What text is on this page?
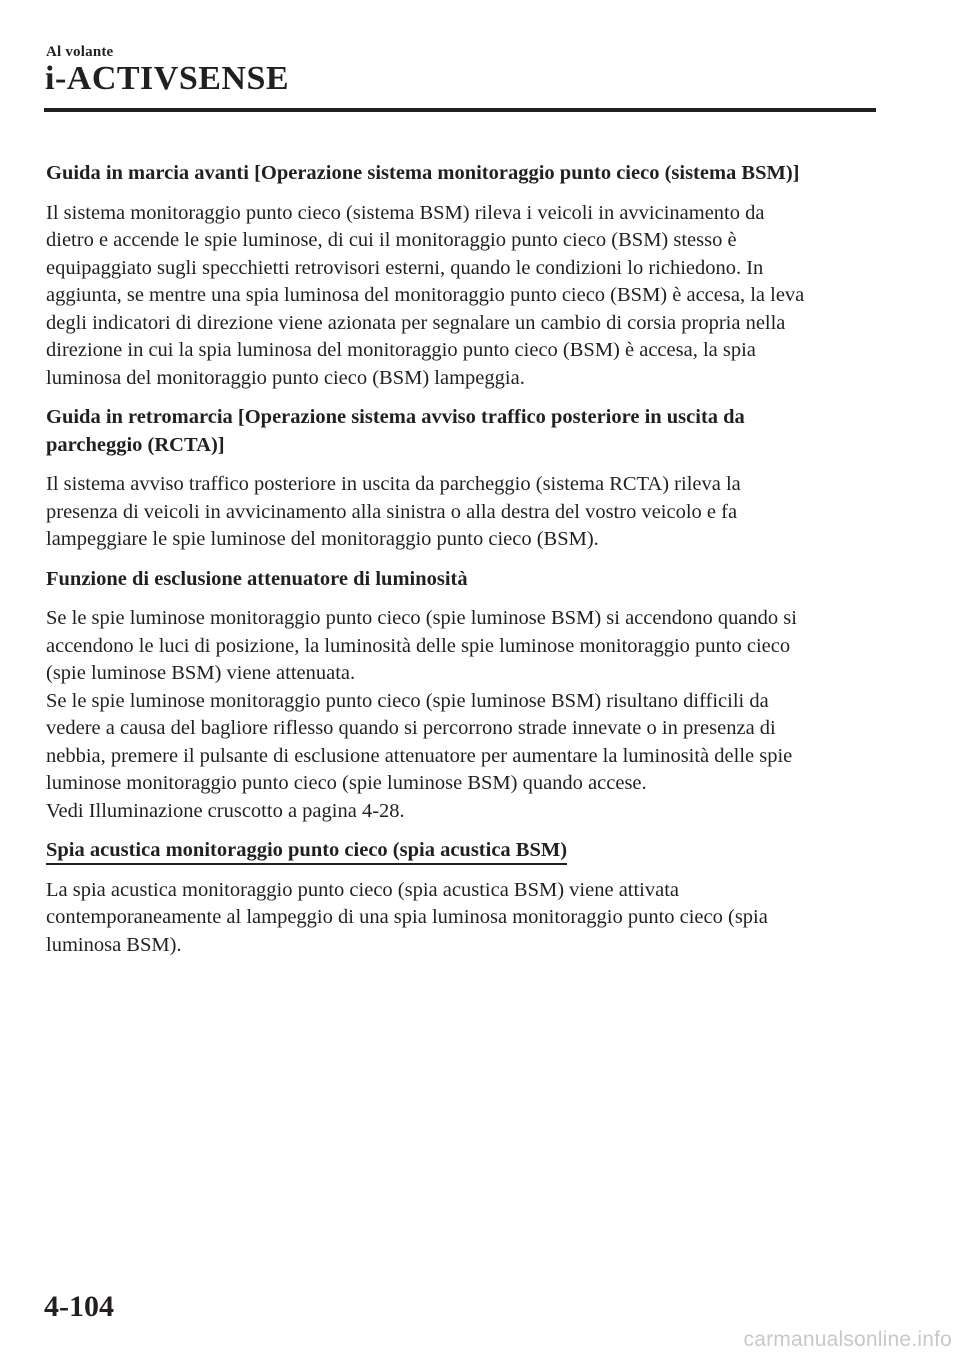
Al volante
i-ACTIVSENSE
Guida in marcia avanti [Operazione sistema monitoraggio punto cieco (sistema BSM)]

Il sistema monitoraggio punto cieco (sistema BSM) rileva i veicoli in avvicinamento da
dietro e accende le spie luminose, di cui il monitoraggio punto cieco (BSM) stesso è
equipaggiato sugli specchietti retrovisori esterni, quando le condizioni lo richiedono. In
aggiunta, se mentre una spia luminosa del monitoraggio punto cieco (BSM) è accesa, la leva
degli indicatori di direzione viene azionata per segnalare un cambio di corsia propria nella
direzione in cui la spia luminosa del monitoraggio punto cieco (BSM) è accesa, la spia
luminosa del monitoraggio punto cieco (BSM) lampeggia.

Guida in retromarcia [Operazione sistema avviso traffico posteriore in uscita da
parcheggio (RCTA)]

Il sistema avviso traffico posteriore in uscita da parcheggio (sistema RCTA) rileva la
presenza di veicoli in avvicinamento alla sinistra o alla destra del vostro veicolo e fa
lampeggiare le spie luminose del monitoraggio punto cieco (BSM).

Funzione di esclusione attenuatore di luminosità

Se le spie luminose monitoraggio punto cieco (spie luminose BSM) si accendono quando si
accendono le luci di posizione, la luminosità delle spie luminose monitoraggio punto cieco
(spie luminose BSM) viene attenuata.
Se le spie luminose monitoraggio punto cieco (spie luminose BSM) risultano difficili da
vedere a causa del bagliore riflesso quando si percorrono strade innevate o in presenza di
nebbia, premere il pulsante di esclusione attenuatore per aumentare la luminosità delle spie
luminose monitoraggio punto cieco (spie luminose BSM) quando accese.
Vedi Illuminazione cruscotto a pagina 4-28.

Spia acustica monitoraggio punto cieco (spia acustica BSM)

La spia acustica monitoraggio punto cieco (spia acustica BSM) viene attivata
contemporaneamente al lampeggio di una spia luminosa monitoraggio punto cieco (spia
luminosa BSM).

4-104
carmanualsonline.info
